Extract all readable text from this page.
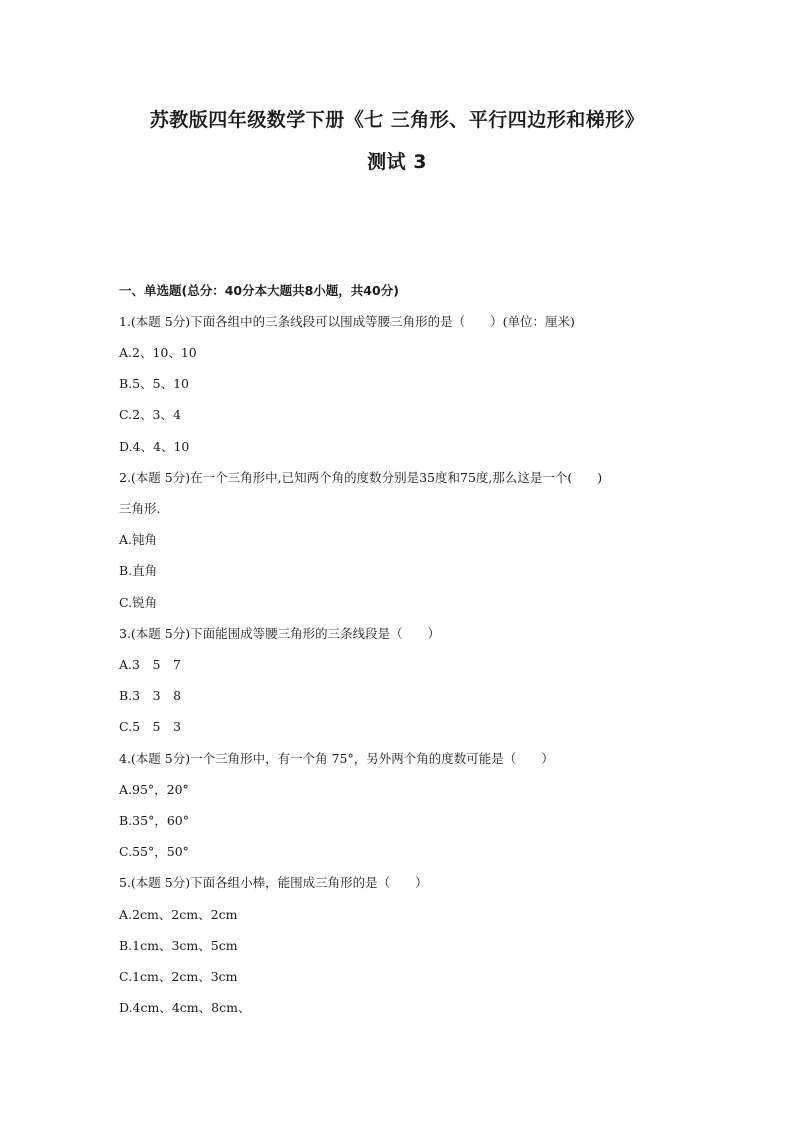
苏教版四年级数学下册《七 三角形、平行四边形和梯形》
测试 3
一、单选题(总分：40分本大题共8小题，共40分)
1.(本题 5分)下面各组中的三条线段可以围成等腰三角形的是（　　）(单位：厘米)
A.2、10、10
B.5、5、10
C.2、3、4
D.4、4、10
2.(本题 5分)在一个三角形中,已知两个角的度数分别是35度和75度,那么这是一个(　　)
三角形.
A.钝角
B.直角
C.锐角
3.(本题 5分)下面能围成等腰三角形的三条线段是（　　）
A.3　5　7
B.3　3　8
C.5　5　3
4.(本题 5分)一个三角形中，有一个角 75°，另外两个角的度数可能是（　　）
A.95°，20°
B.35°，60°
C.55°，50°
5.(本题 5分)下面各组小棒，能围成三角形的是（　　）
A.2cm、2cm、2cm
B.1cm、3cm、5cm
C.1cm、2cm、3cm
D.4cm、4cm、8cm、
